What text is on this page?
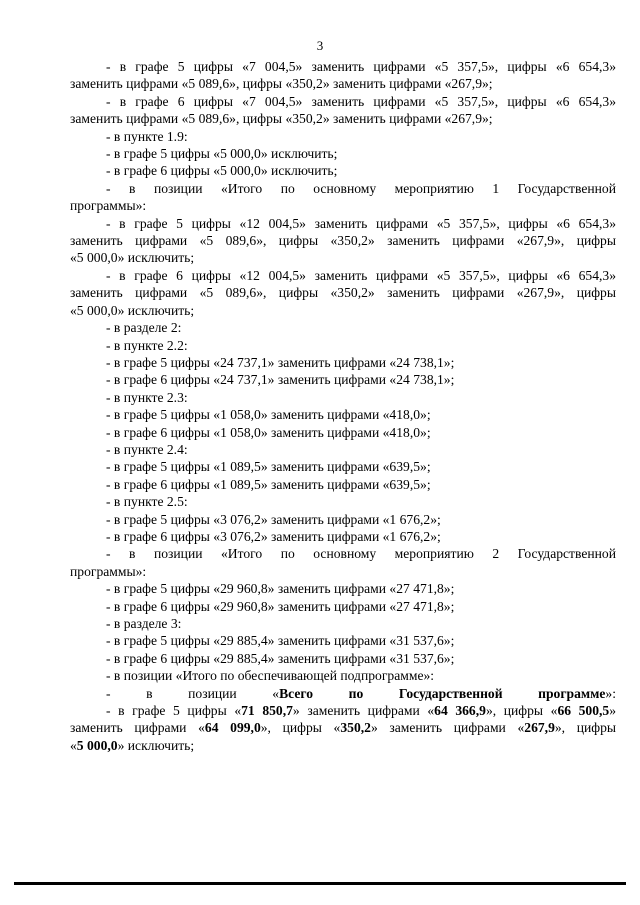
3

- в графе 5 цифры «7 004,5» заменить цифрами «5 357,5», цифры «6 654,3»

заменить цифрами «5 089,6», цифры «350,2» заменить цифрами «267,9»;

- в графе 6 цифры «7 004,5» заменить цифрами «5 357,5», цифры «6 654,3»

заменить цифрами «5 089,6», цифры «350,2» заменить цифрами «267,9»;

- в пункте 1.9:

- в графе 5 цифры «5 000,0» исключить;

- в графе 6 цифры «5 000,0» исключить;

- в позиции «Итого по основному мероприятию 1 Государственной

программы»:

- в графе 5 цифры «12 004,5» заменить цифрами «5 357,5», цифры «6 654,3»

заменить цифрами «5 089,6», цифры «350,2» заменить цифрами «267,9», цифры

«5 000,0» исключить;

- в графе 6 цифры «12 004,5» заменить цифрами «5 357,5», цифры «6 654,3»

заменить цифрами «5 089,6», цифры «350,2» заменить цифрами «267,9», цифры

«5 000,0» исключить;

- в разделе 2:

- в пункте 2.2:

- в графе 5 цифры «24 737,1» заменить цифрами «24 738,1»;

- в графе 6 цифры «24 737,1» заменить цифрами «24 738,1»;

- в пункте 2.3:

- в графе 5 цифры «1 058,0» заменить цифрами «418,0»;

- в графе 6 цифры «1 058,0» заменить цифрами «418,0»;

- в пункте 2.4:

- в графе 5 цифры «1 089,5» заменить цифрами «639,5»;

- в графе 6 цифры «1 089,5» заменить цифрами «639,5»;

- в пункте 2.5:

- в графе 5 цифры «3 076,2» заменить цифрами «1 676,2»;

- в графе 6 цифры «3 076,2» заменить цифрами «1 676,2»;

- в позиции «Итого по основному мероприятию 2 Государственной

программы»:

- в графе 5 цифры «29 960,8» заменить цифрами «27 471,8»;

- в графе 6 цифры «29 960,8» заменить цифрами «27 471,8»;

- в разделе 3:

- в графе 5 цифры «29 885,4» заменить цифрами «31 537,6»;

- в графе 6 цифры «29 885,4» заменить цифрами «31 537,6»;

- в позиции «Итого по обеспечивающей подпрограмме»:

- в позиции «Всего по Государственной программе»:

- в графе 5 цифры «71 850,7» заменить цифрами «64 366,9», цифры «66 500,5»

заменить цифрами «64 099,0», цифры «350,2» заменить цифрами «267,9», цифры

«5 000,0» исключить;
